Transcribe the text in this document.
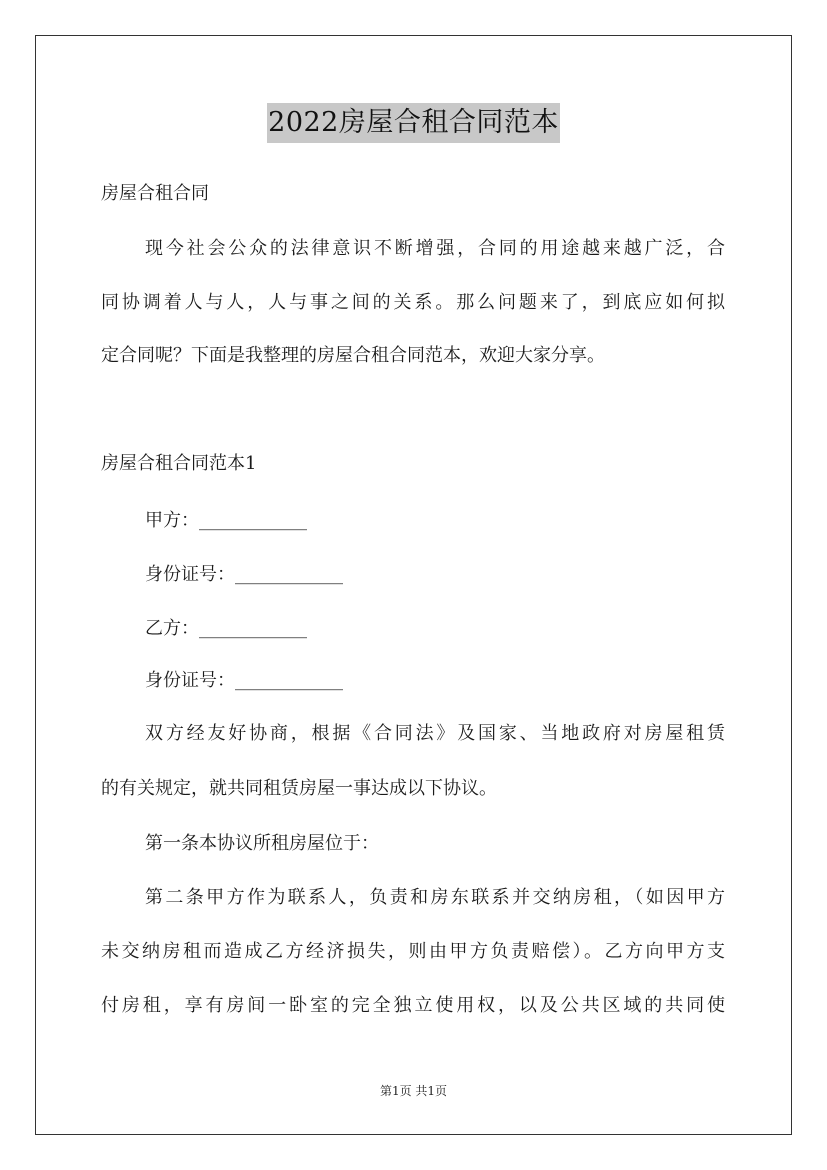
2022房屋合租合同范本
房屋合租合同
现今社会公众的法律意识不断增强，合同的用途越来越广泛，合
同协调着人与人，人与事之间的关系。那么问题来了，到底应如何拟
定合同呢？下面是我整理的房屋合租合同范本，欢迎大家分享。
房屋合租合同范本1
甲方：____________
身份证号：____________
乙方：____________
身份证号：____________
双方经友好协商，根据《合同法》及国家、当地政府对房屋租赁
的有关规定，就共同租赁房屋一事达成以下协议。
第一条本协议所租房屋位于：
第二条甲方作为联系人，负责和房东联系并交纳房租，（如因甲方
未交纳房租而造成乙方经济损失，则由甲方负责赔偿）。乙方向甲方支
付房租，享有房间一卧室的完全独立使用权，以及公共区域的共同使
第1页 共1页
